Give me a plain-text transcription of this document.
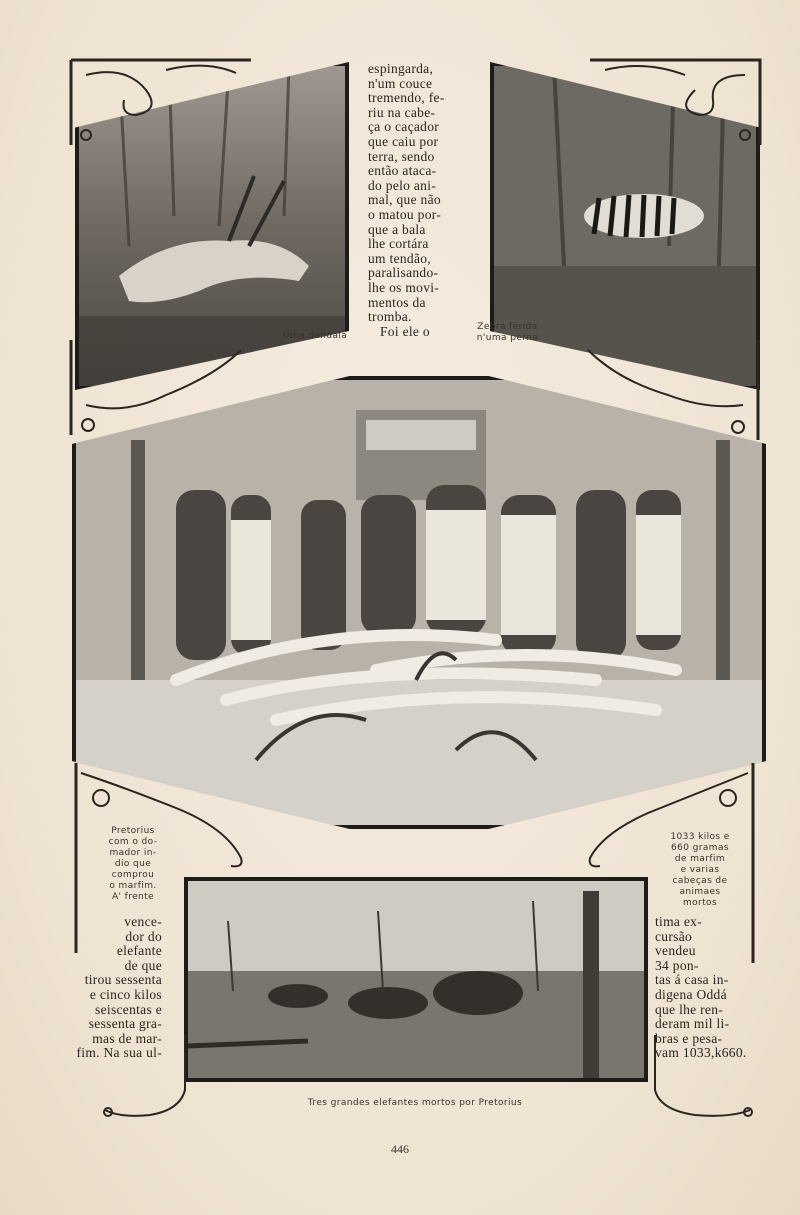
espingarda,
n'um couce
tremendo, fe-
riu na cabe-
ça o caçador
que caiu por
terra, sendo
então ataca-
do pelo ani-
mal, que não
o matou por-
que a bala
lhe cortára
um tendão,
paralisando-
lhe os movi-
mentos da
tromba.
Foi ele o
vence-
dor do
elefante
de que
tirou sessenta
e cinco kilos
seiscentas e
sessenta gra-
mas de mar-
fim. Na sua ul-
tima ex-
cursão
vendeu
34 pon-
tas á casa in-
digena Oddá
que lhe ren-
deram mil li-
bras e pesa-
vam 1033,k660.
Uma dandala
Zebra ferida
n'uma perna
Pretorius
com o do-
mador in-
dio que
comprou
o marfim.
A' frente
1033 kilos e
660 gramas
de marfim
e varias
cabeças de
animaes
mortos
Tres grandes elefantes mortos por Pretorius
446
